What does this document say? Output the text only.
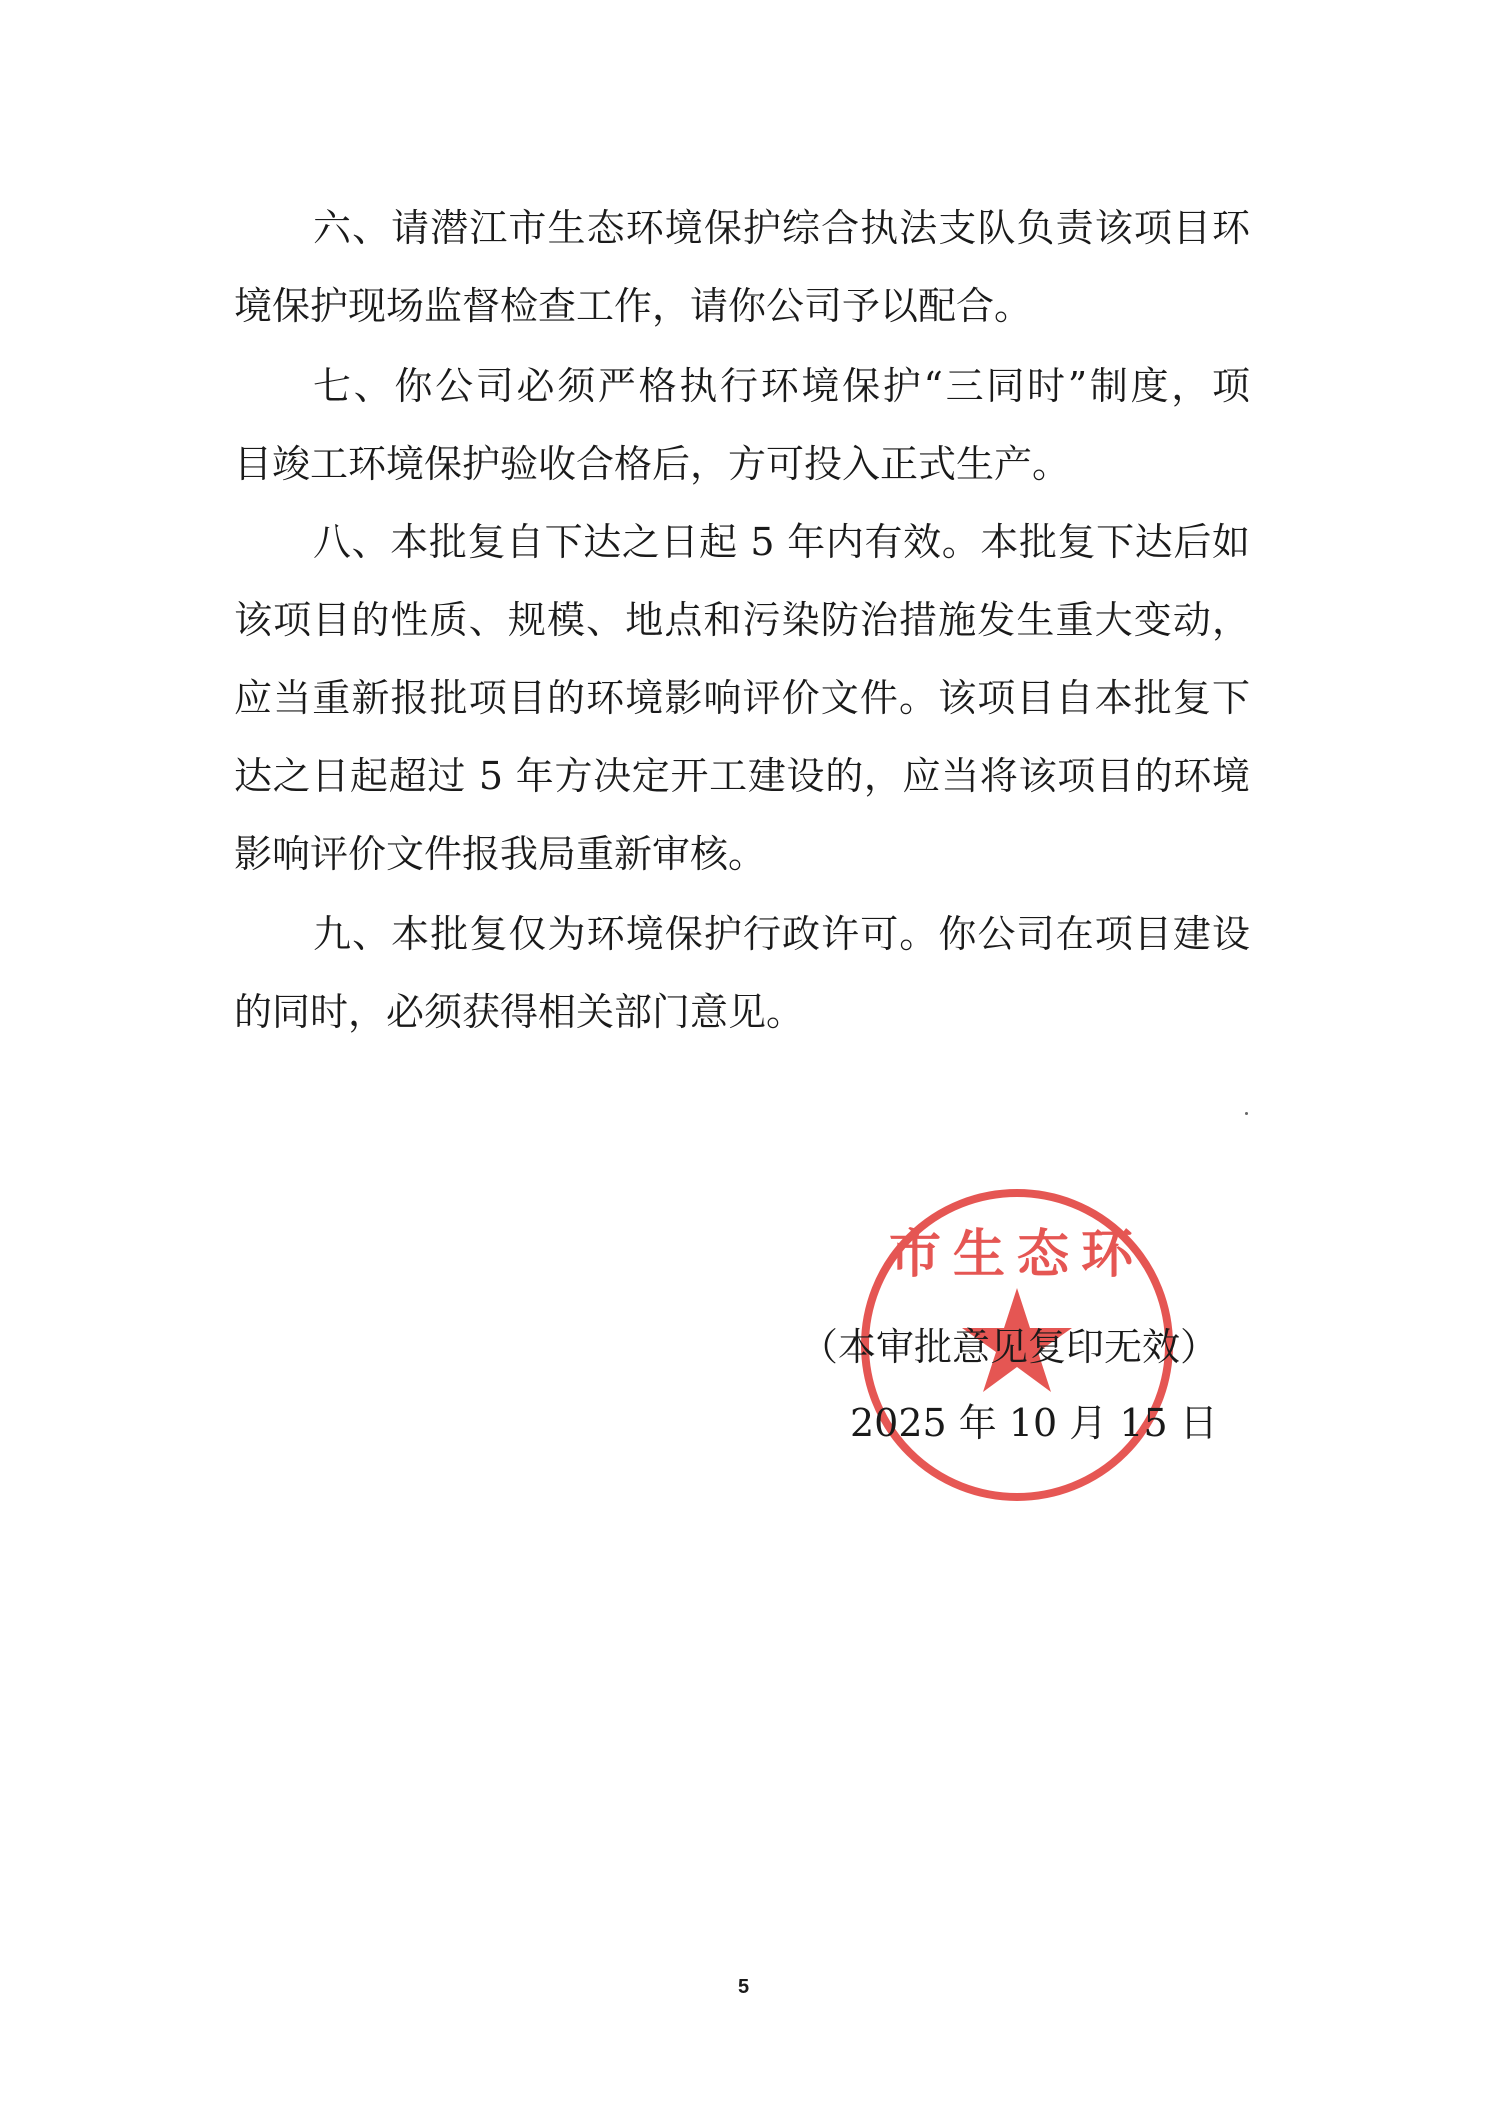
六、请潜江市生态环境保护综合执法支队负责该项目环
境保护现场监督检查工作，请你公司予以配合。
七、你公司必须严格执行环境保护“三同时”制度，项
目竣工环境保护验收合格后，方可投入正式生产。
八、本批复自下达之日起 5 年内有效。本批复下达后如
该项目的性质、规模、地点和污染防治措施发生重大变动，
应当重新报批项目的环境影响评价文件。该项目自本批复下
达之日起超过 5 年方决定开工建设的，应当将该项目的环境
影响评价文件报我局重新审核。
九、本批复仅为环境保护行政许可。你公司在项目建设
的同时，必须获得相关部门意见。
市生态环
（本审批意见复印无效）
2025 年 10 月 15 日
5
